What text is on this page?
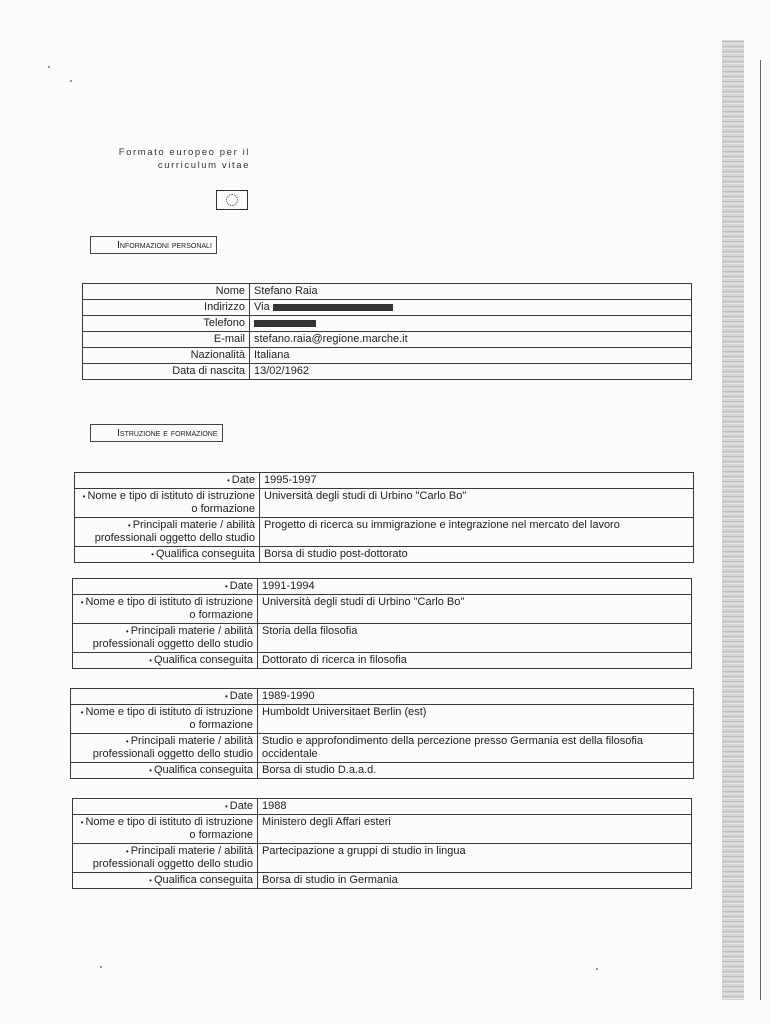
Formato europeo per il
curriculum vitae
Informazioni personali
Nome	Stefano Raia
Indirizzo	Via
Telefono	
E-mail	stefano.raia@regione.marche.it
Nazionalità	Italiana
Data di nascita	13/02/1962
Istruzione e formazione
• Date	1995-1997
• Nome e tipo di istituto di istruzione o formazione	Università degli studi di Urbino "Carlo Bo"
• Principali materie / abilità professionali oggetto dello studio	Progetto di ricerca su immigrazione e integrazione nel mercato del lavoro
• Qualifica conseguita	Borsa di studio post-dottorato
• Date	1991-1994
• Nome e tipo di istituto di istruzione o formazione	Università degli studi di Urbino "Carlo Bo"
• Principali materie / abilità professionali oggetto dello studio	Storia della filosofia
• Qualifica conseguita	Dottorato di ricerca in filosofia
• Date	1989-1990
• Nome e tipo di istituto di istruzione o formazione	Humboldt Universitaet Berlin (est)
• Principali materie / abilità professionali oggetto dello studio	Studio e approfondimento della percezione presso Germania est della filosofia occidentale
• Qualifica conseguita	Borsa di studio D.a.a.d.
• Date	1988
• Nome e tipo di istituto di istruzione o formazione	Ministero degli Affari esteri
• Principali materie / abilità professionali oggetto dello studio	Partecipazione a gruppi di studio in lingua
• Qualifica conseguita	Borsa di studio in Germania
